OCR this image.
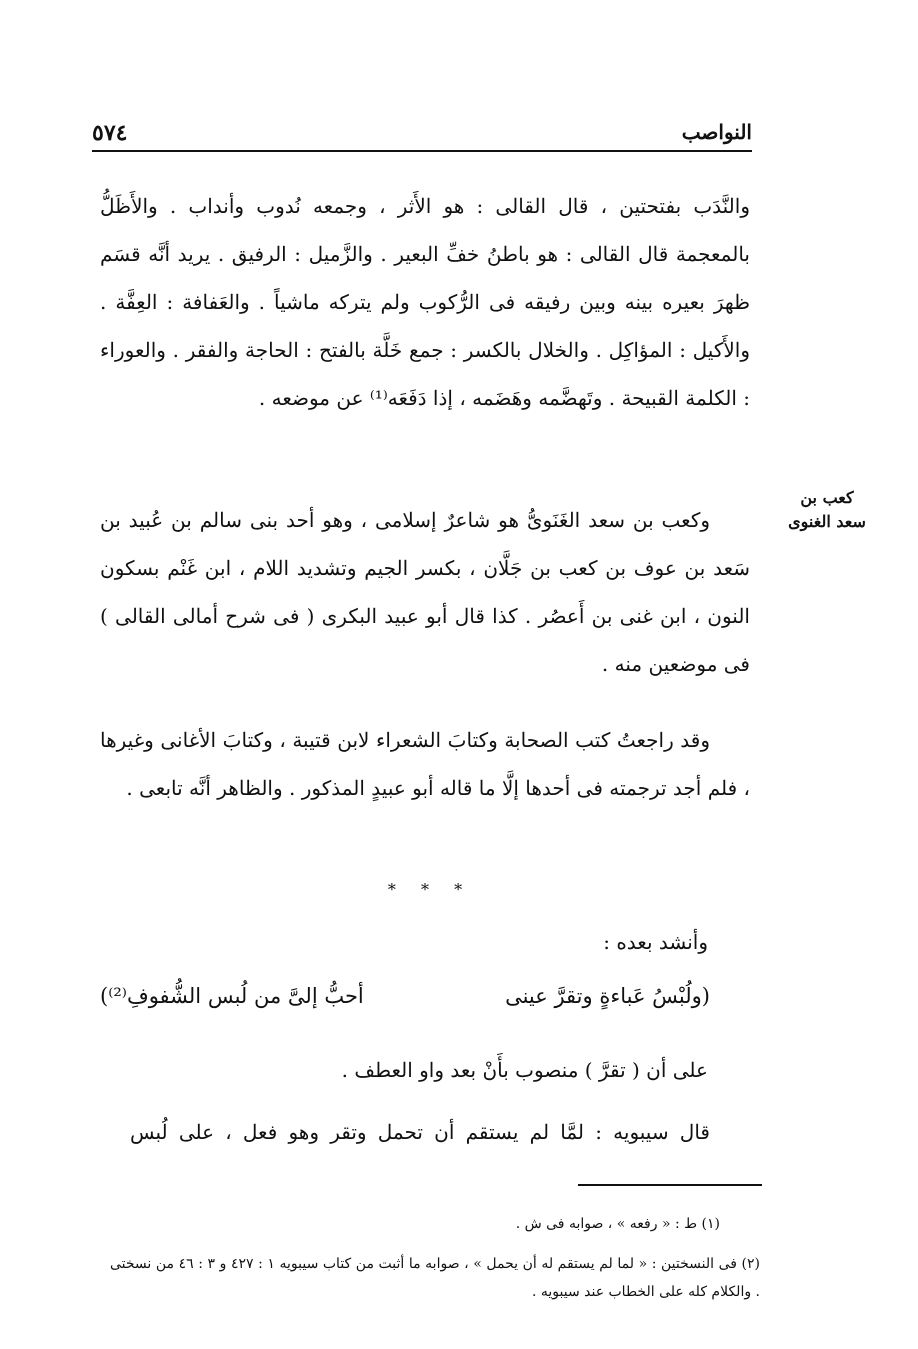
٥٧٤	النواصب
والنَّدَب بفتحتين ، قال القالى : هو الأَثر ، وجمعه نُدوب وأنداب . والأَظَلُّ بالمعجمة قال القالى : هو باطنُ خفِّ البعير . والزَّميل : الرفيق . يريد أنَّه قسَم ظهرَ بعيره بينه وبين رفيقه فى الرُّكوب ولم يتركه ماشياً . والعَفافة : العِفَّة . والأَكيل : المؤاكِل . والخلال بالكسر : جمع خَلَّة بالفتح : الحاجة والفقر . والعوراء : الكلمة القبيحة . وتَهضَّمه وهَضَمه ، إذا دَفَعَه⁽¹⁾ عن موضعه .
كعب بن سعد الغنوى
وكعب بن سعد الغَنَوىُّ هو شاعرٌ إسلامى ، وهو أحد بنى سالم بن عُبيد بن سَعد بن عوف بن كعب بن جَلَّان ، بكسر الجيم وتشديد اللام ، ابن غَنْم بسكون النون ، ابن غنى بن أَعصُر . كذا قال أبو عبيد البكرى ( فى شرح أمالى القالى ) فى موضعين منه .
وقد راجعتُ كتب الصحابة وكتابَ الشعراء لابن قتيبة ، وكتابَ الأغانى وغيرها ، فلم أجد ترجمته فى أحدها إلَّا ما قاله أبو عبيدٍ المذكور . والظاهر أنَّه تابعى .
* * *
وأنشد بعده :
(ولُبْسُ عَباءةٍ وتقرَّ عينى
أحبُّ إلىَّ من لُبس الشُّفوفِ⁽²⁾)
على أن ( تقرَّ ) منصوب بأَنْ بعد واو العطف .
قال سيبويه : لمَّا لم يستقم أن تحمل وتقر وهو فعل ، على لُبس
(١) ط : « رفعه » ، صوابه فى ش .
(٢) فى النسختين : « لما لم يستقم له أن يحمل » ، صوابه ما أثبت من كتاب سيبويه ١ : ٤٢٧ و ٣ : ٤٦ من نسختى . والكلام كله على الخطاب عند سيبويه .
